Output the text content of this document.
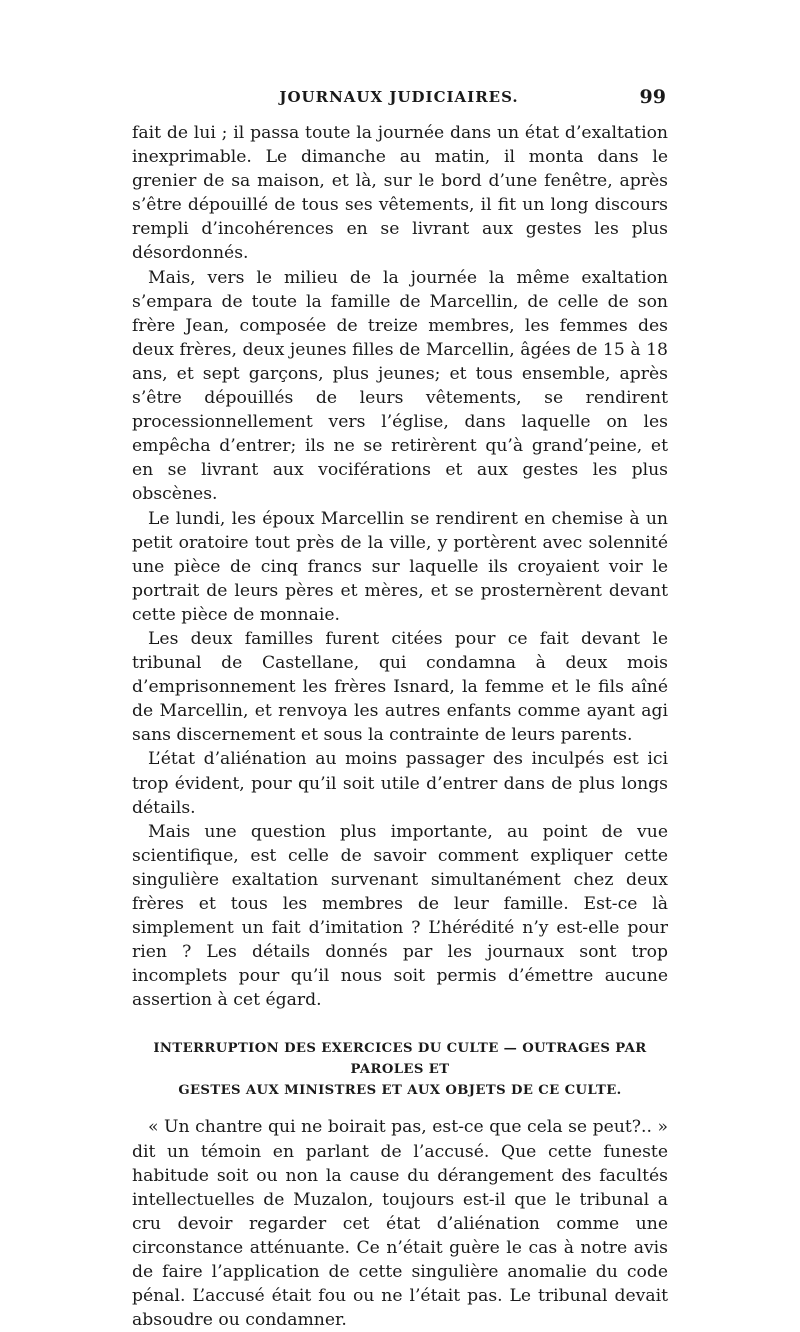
JOURNAUX JUDICIAIRES.	99

fait de lui ; il passa toute la journée dans un état d’exaltation inexprimable. Le dimanche au matin, il monta dans le grenier de sa maison, et là, sur le bord d’une fenêtre, après s’être dépouillé de tous ses vêtements, il fit un long discours rempli d’incohérences en se livrant aux gestes les plus désordonnés.

Mais, vers le milieu de la journée la même exaltation s’empara de toute la famille de Marcellin, de celle de son frère Jean, composée de treize membres, les femmes des deux frères, deux jeunes filles de Marcellin, âgées de 15 à 18 ans, et sept garçons, plus jeunes; et tous ensemble, après s’être dépouillés de leurs vêtements, se rendirent processionnellement vers l’église, dans laquelle on les empêcha d’entrer; ils ne se retirèrent qu’à grand’peine, et en se livrant aux vociférations et aux gestes les plus obscènes.

Le lundi, les époux Marcellin se rendirent en chemise à un petit oratoire tout près de la ville, y portèrent avec solennité une pièce de cinq francs sur laquelle ils croyaient voir le portrait de leurs pères et mères, et se prosternèrent devant cette pièce de monnaie.

Les deux familles furent citées pour ce fait devant le tribunal de Castellane, qui condamna à deux mois d’emprisonnement les frères Isnard, la femme et le fils aîné de Marcellin, et renvoya les autres enfants comme ayant agi sans discernement et sous la contrainte de leurs parents.

L’état d’aliénation au moins passager des inculpés est ici trop évident, pour qu’il soit utile d’entrer dans de plus longs détails.

Mais une question plus importante, au point de vue scientifique, est celle de savoir comment expliquer cette singulière exaltation survenant simultanément chez deux frères et tous les membres de leur famille. Est-ce là simplement un fait d’imitation ? L’hérédité n’y est-elle pour rien ? Les détails donnés par les journaux sont trop incomplets pour qu’il nous soit permis d’émettre aucune assertion à cet égard.

INTERRUPTION DES EXERCICES DU CULTE — OUTRAGES PAR PAROLES ET
GESTES AUX MINISTRES ET AUX OBJETS DE CE CULTE.

« Un chantre qui ne boirait pas, est-ce que cela se peut?.. » dit un témoin en parlant de l’accusé. Que cette funeste habitude soit ou non la cause du dérangement des facultés intellectuelles de Muzalon, toujours est-il que le tribunal a cru devoir regarder cet état d’aliénation comme une circonstance atténuante. Ce n’était guère le cas à notre avis de faire l’application de cette singulière anomalie du code pénal. L’accusé était fou ou ne l’était pas. Le tribunal devait absoudre ou condamner.
